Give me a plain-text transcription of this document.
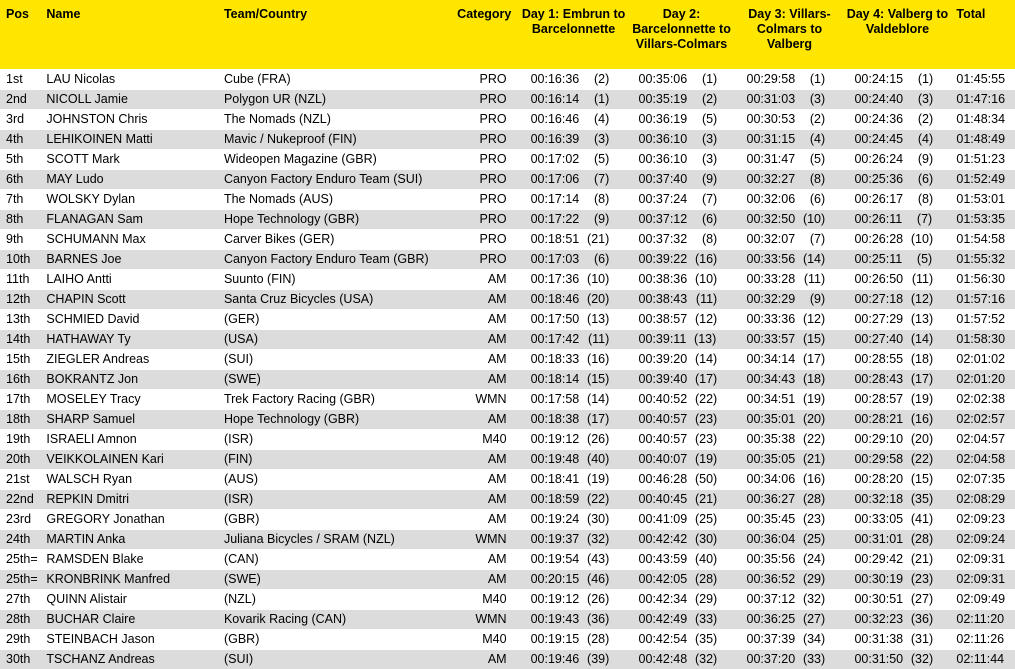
Pos	Name	Team/Country	Category	Day 1: Embrun to Barcelonnette	Day 2: Barcelonnette to Villars-Colmars	Day 3: Villars-Colmars to Valberg	Day 4: Valberg to Valdeblore	Total
1st	LAU Nicolas	Cube (FRA)	PRO	00:16:36 (2)	00:35:06 (1)	00:29:58 (1)	00:24:15 (1)	01:45:55
2nd	NICOLL Jamie	Polygon UR (NZL)	PRO	00:16:14 (1)	00:35:19 (2)	00:31:03 (3)	00:24:40 (3)	01:47:16
3rd	JOHNSTON Chris	The Nomads (NZL)	PRO	00:16:46 (4)	00:36:19 (5)	00:30:53 (2)	00:24:36 (2)	01:48:34
4th	LEHIKOINEN Matti	Mavic / Nukeproof (FIN)	PRO	00:16:39 (3)	00:36:10 (3)	00:31:15 (4)	00:24:45 (4)	01:48:49
5th	SCOTT Mark	Wideopen Magazine (GBR)	PRO	00:17:02 (5)	00:36:10 (3)	00:31:47 (5)	00:26:24 (9)	01:51:23
6th	MAY Ludo	Canyon Factory Enduro Team (SUI)	PRO	00:17:06 (7)	00:37:40 (9)	00:32:27 (8)	00:25:36 (6)	01:52:49
7th	WOLSKY Dylan	The Nomads (AUS)	PRO	00:17:14 (8)	00:37:24 (7)	00:32:06 (6)	00:26:17 (8)	01:53:01
8th	FLANAGAN Sam	Hope Technology (GBR)	PRO	00:17:22 (9)	00:37:12 (6)	00:32:50 (10)	00:26:11 (7)	01:53:35
9th	SCHUMANN Max	Carver Bikes (GER)	PRO	00:18:51 (21)	00:37:32 (8)	00:32:07 (7)	00:26:28 (10)	01:54:58
10th	BARNES Joe	Canyon Factory Enduro Team (GBR)	PRO	00:17:03 (6)	00:39:22 (16)	00:33:56 (14)	00:25:11 (5)	01:55:32
11th	LAIHO Antti	Suunto (FIN)	AM	00:17:36 (10)	00:38:36 (10)	00:33:28 (11)	00:26:50 (11)	01:56:30
12th	CHAPIN Scott	Santa Cruz Bicycles (USA)	AM	00:18:46 (20)	00:38:43 (11)	00:32:29 (9)	00:27:18 (12)	01:57:16
13th	SCHMIED David	(GER)	AM	00:17:50 (13)	00:38:57 (12)	00:33:36 (12)	00:27:29 (13)	01:57:52
14th	HATHAWAY Ty	(USA)	AM	00:17:42 (11)	00:39:11 (13)	00:33:57 (15)	00:27:40 (14)	01:58:30
15th	ZIEGLER Andreas	(SUI)	AM	00:18:33 (16)	00:39:20 (14)	00:34:14 (17)	00:28:55 (18)	02:01:02
16th	BOKRANTZ Jon	(SWE)	AM	00:18:14 (15)	00:39:40 (17)	00:34:43 (18)	00:28:43 (17)	02:01:20
17th	MOSELEY Tracy	Trek Factory Racing (GBR)	WMN	00:17:58 (14)	00:40:52 (22)	00:34:51 (19)	00:28:57 (19)	02:02:38
18th	SHARP Samuel	Hope Technology (GBR)	AM	00:18:38 (17)	00:40:57 (23)	00:35:01 (20)	00:28:21 (16)	02:02:57
19th	ISRAELI Amnon	(ISR)	M40	00:19:12 (26)	00:40:57 (23)	00:35:38 (22)	00:29:10 (20)	02:04:57
20th	VEIKKOLAINEN Kari	(FIN)	AM	00:19:48 (40)	00:40:07 (19)	00:35:05 (21)	00:29:58 (22)	02:04:58
21st	WALSCH Ryan	(AUS)	AM	00:18:41 (19)	00:46:28 (50)	00:34:06 (16)	00:28:20 (15)	02:07:35
22nd	REPKIN Dmitri	(ISR)	AM	00:18:59 (22)	00:40:45 (21)	00:36:27 (28)	00:32:18 (35)	02:08:29
23rd	GREGORY Jonathan	(GBR)	AM	00:19:24 (30)	00:41:09 (25)	00:35:45 (23)	00:33:05 (41)	02:09:23
24th	MARTIN Anka	Juliana Bicycles / SRAM (NZL)	WMN	00:19:37 (32)	00:42:42 (30)	00:36:04 (25)	00:31:01 (28)	02:09:24
25th=	RAMSDEN Blake	(CAN)	AM	00:19:54 (43)	00:43:59 (40)	00:35:56 (24)	00:29:42 (21)	02:09:31
25th=	KRONBRINK Manfred	(SWE)	AM	00:20:15 (46)	00:42:05 (28)	00:36:52 (29)	00:30:19 (23)	02:09:31
27th	QUINN Alistair	(NZL)	M40	00:19:12 (26)	00:42:34 (29)	00:37:12 (32)	00:30:51 (27)	02:09:49
28th	BUCHAR Claire	Kovarik Racing (CAN)	WMN	00:19:43 (36)	00:42:49 (33)	00:36:25 (27)	00:32:23 (36)	02:11:20
29th	STEINBACH Jason	(GBR)	M40	00:19:15 (28)	00:42:54 (35)	00:37:39 (34)	00:31:38 (31)	02:11:26
30th	TSCHANZ Andreas	(SUI)	AM	00:19:46 (39)	00:42:48 (32)	00:37:20 (33)	00:31:50 (32)	02:11:44
